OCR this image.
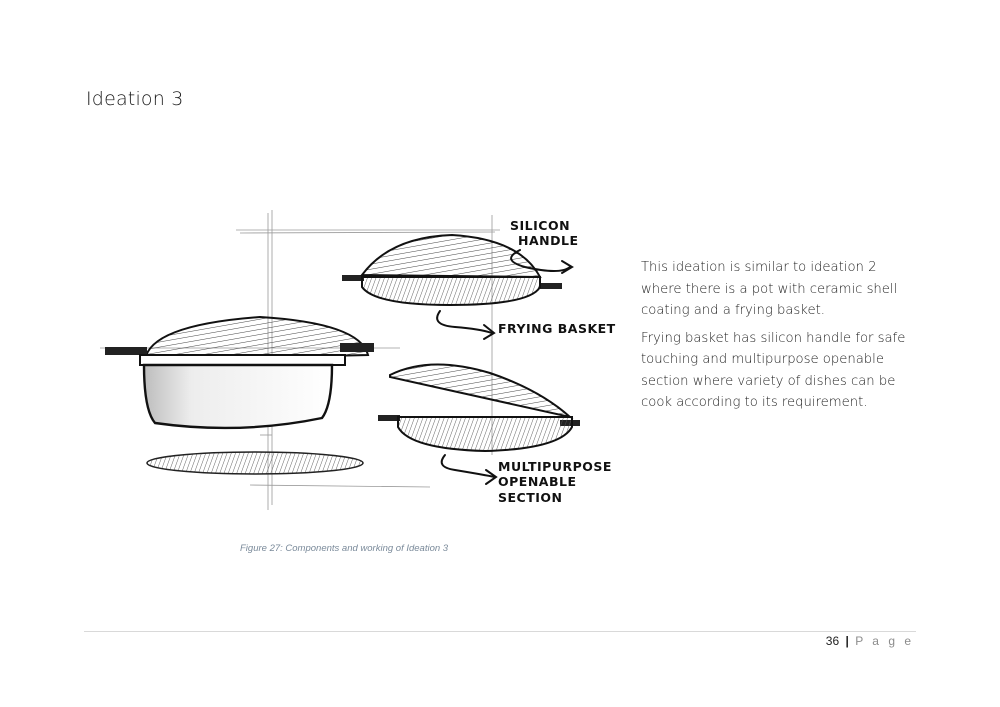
Ideation 3
SILICON
HANDLE
FRYING BASKET
MULTIPURPOSE
OPENABLE
SECTION
Figure 27: Components and working of Ideation 3

This ideation is similar to ideation 2 where there is a pot with ceramic shell coating and a frying basket.

Frying basket has silicon handle for safe touching and multipurpose openable section where variety of dishes can be cook according to its requirement.

36 | P a g e
